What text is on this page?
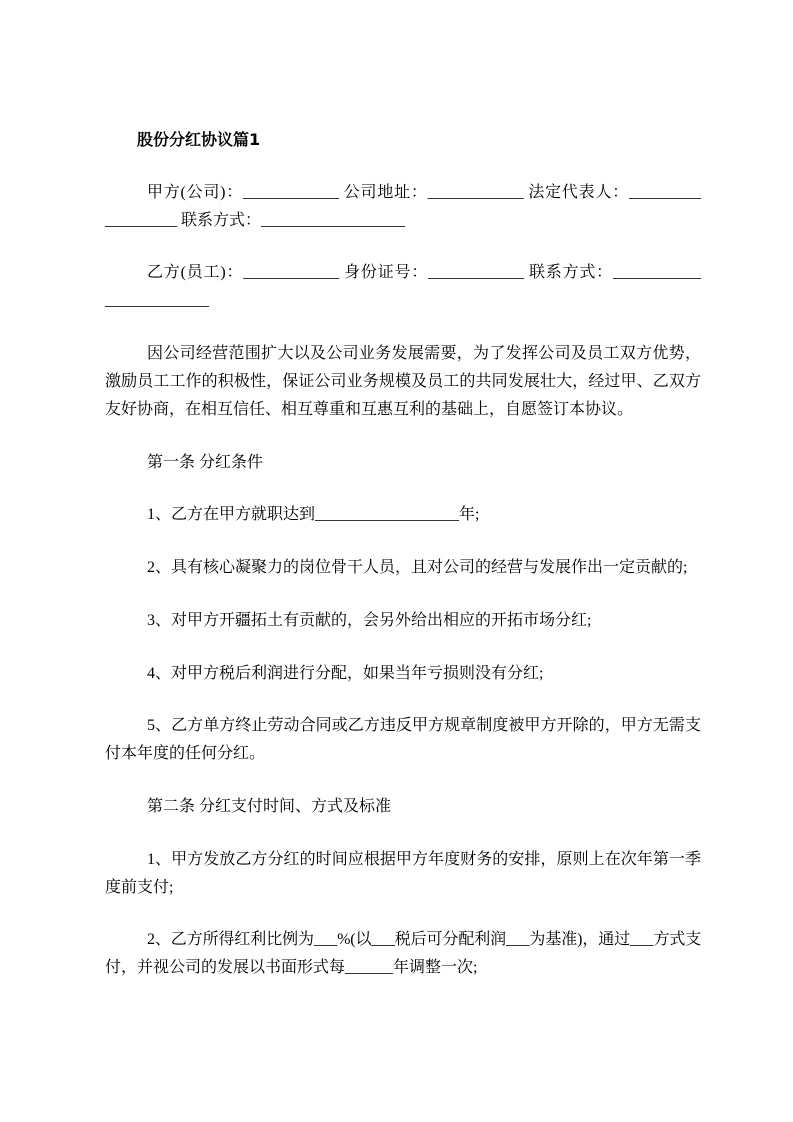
股份分红协议篇1
甲方(公司)：____________ 公司地址：____________ 法定代表人：_________
_________ 联系方式：__________________
乙方(员工)：____________ 身份证号：____________ 联系方式：___________
_____________
因公司经营范围扩大以及公司业务发展需要，为了发挥公司及员工双方优势，
激励员工工作的积极性，保证公司业务规模及员工的共同发展壮大，经过甲、乙双方
友好协商，在相互信任、相互尊重和互惠互利的基础上，自愿签订本协议。
第一条 分红条件
1、乙方在甲方就职达到__________________年;
2、具有核心凝聚力的岗位骨干人员，且对公司的经营与发展作出一定贡献的;
3、对甲方开疆拓土有贡献的，会另外给出相应的开拓市场分红;
4、对甲方税后利润进行分配，如果当年亏损则没有分红;
5、乙方单方终止劳动合同或乙方违反甲方规章制度被甲方开除的，甲方无需支
付本年度的任何分红。
第二条 分红支付时间、方式及标准
1、甲方发放乙方分红的时间应根据甲方年度财务的安排，原则上在次年第一季
度前支付;
2、乙方所得红利比例为___%(以___税后可分配利润___为基准)，通过___方式支
付，并视公司的发展以书面形式每______年调整一次;
